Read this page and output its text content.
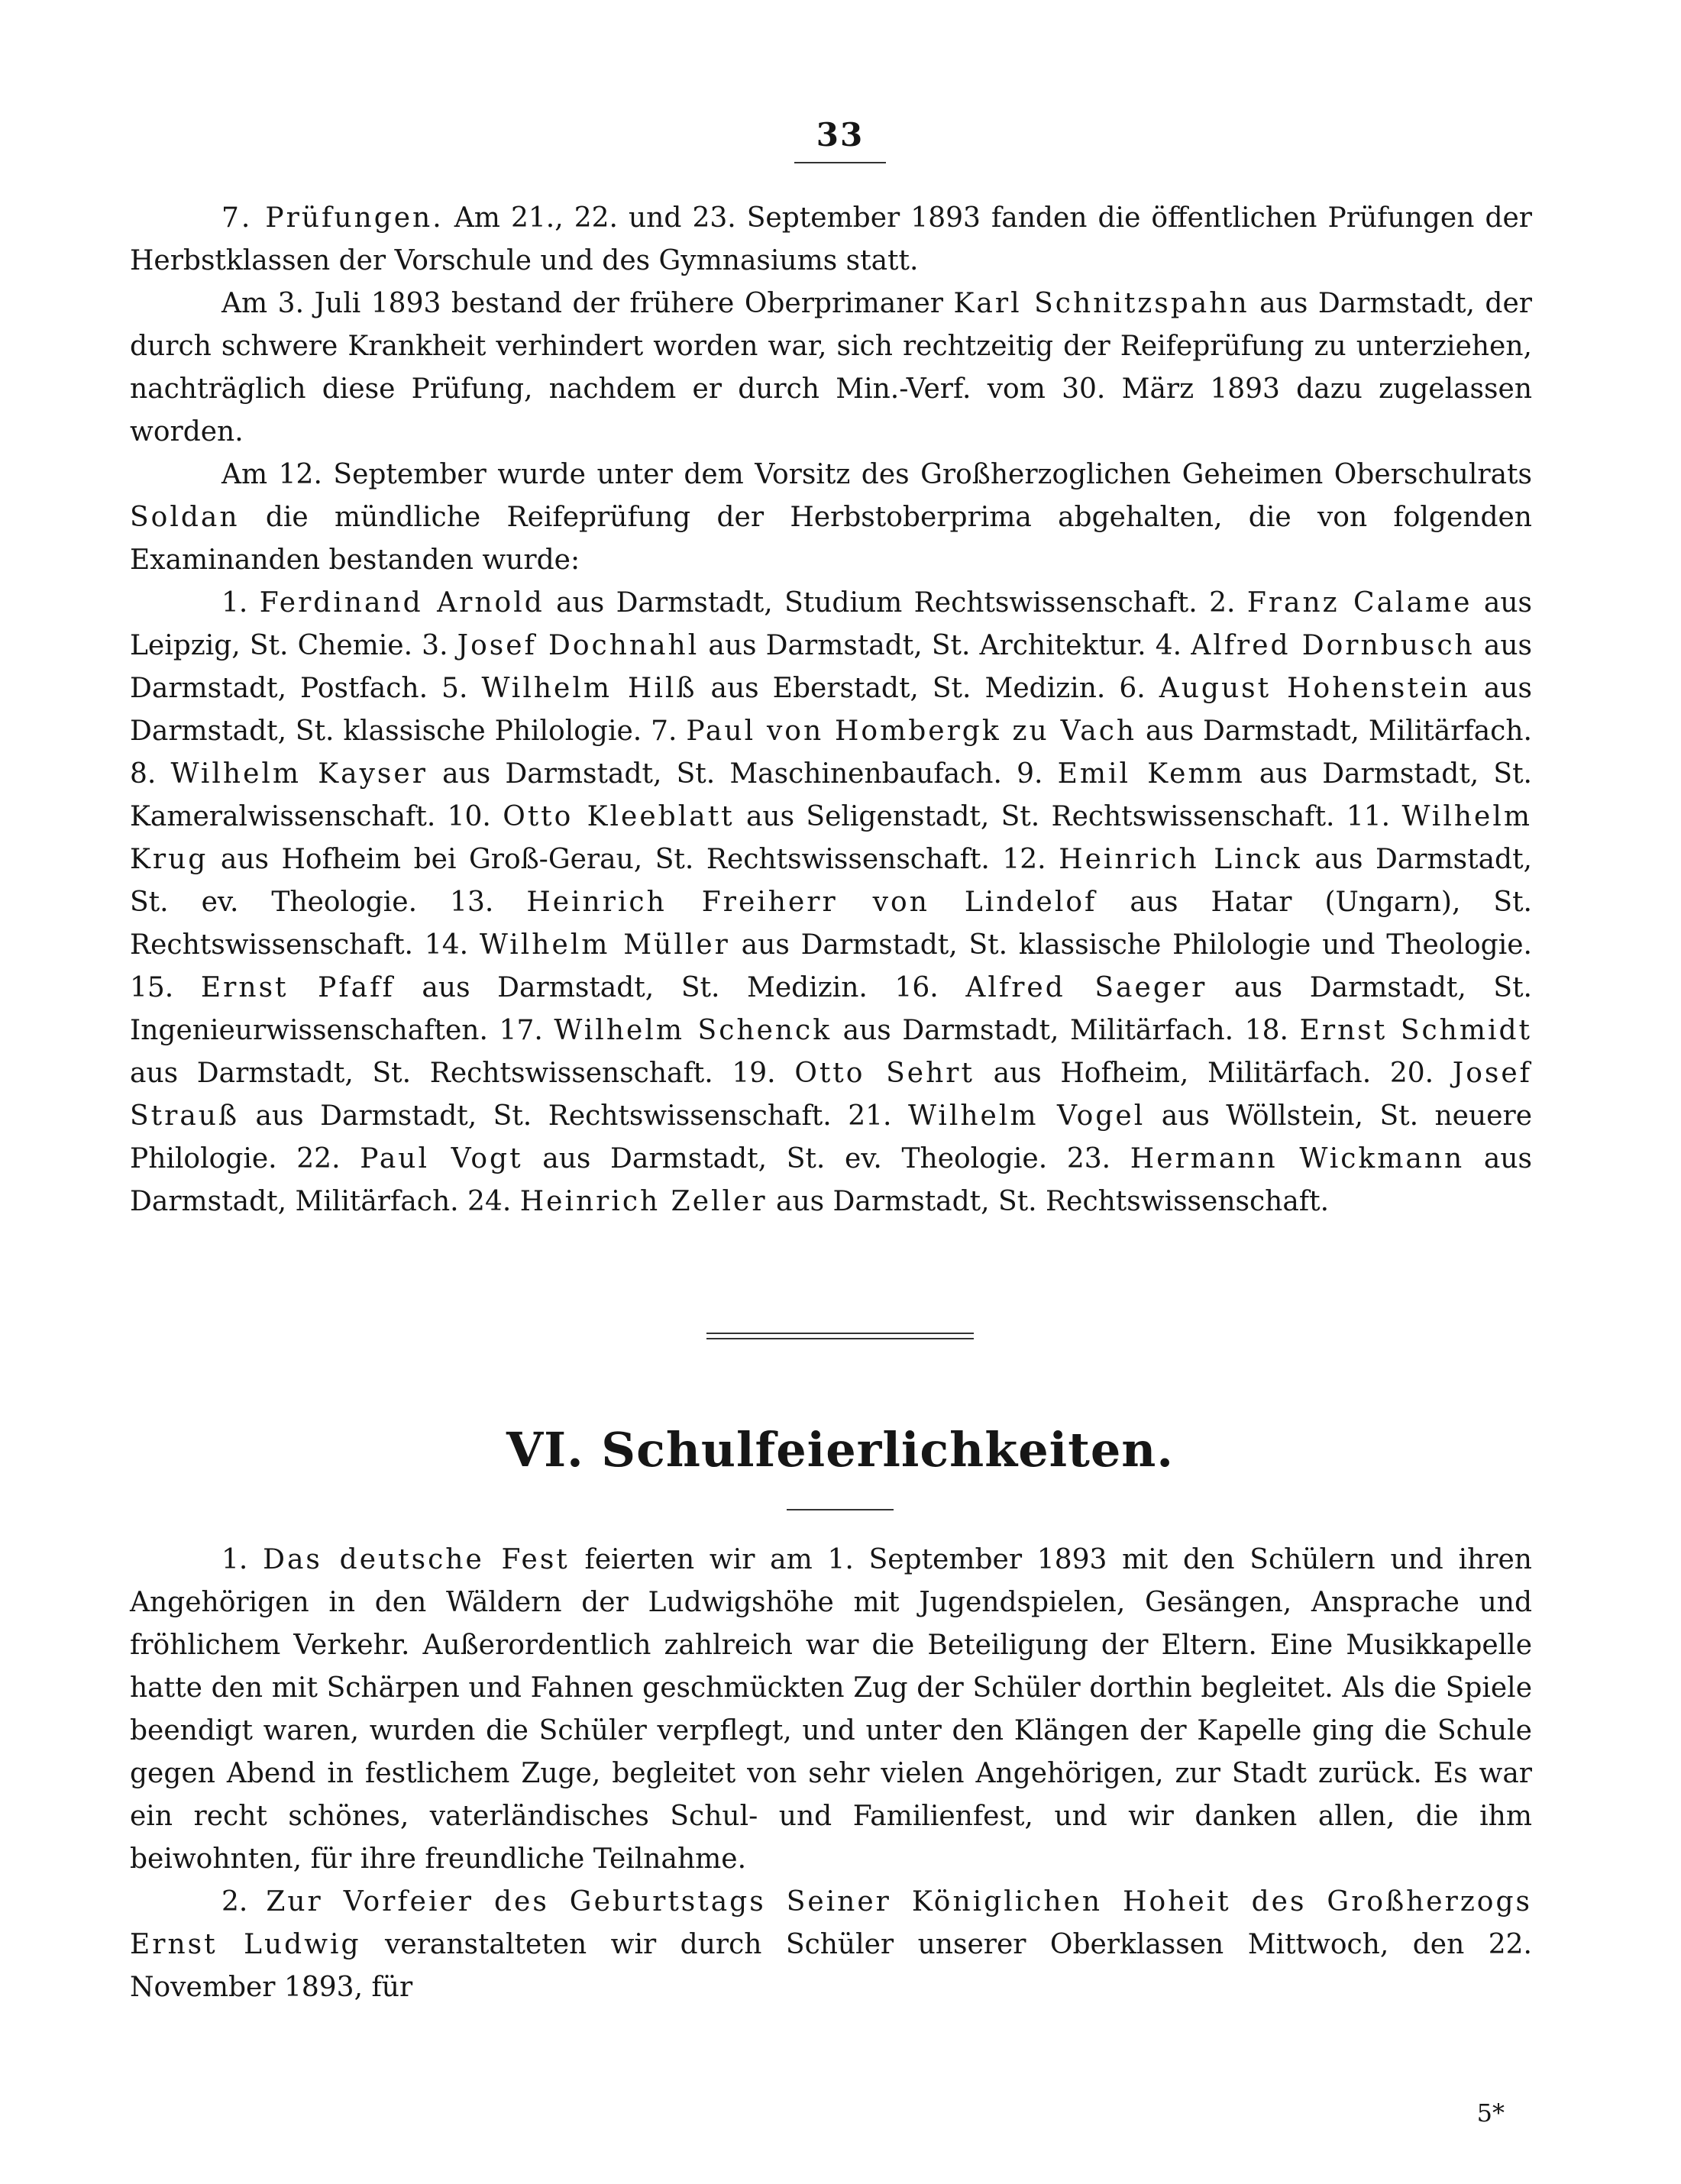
33

7. Prüfungen. Am 21., 22. und 23. September 1893 fanden die öffentlichen Prüfungen der Herbstklassen der Vorschule und des Gymnasiums statt.

Am 3. Juli 1893 bestand der frühere Oberprimaner Karl Schnitzspahn aus Darmstadt, der durch schwere Krankheit verhindert worden war, sich rechtzeitig der Reifeprüfung zu unterziehen, nachträglich diese Prüfung, nachdem er durch Min.-Verf. vom 30. März 1893 dazu zugelassen worden.

Am 12. September wurde unter dem Vorsitz des Großherzoglichen Geheimen Oberschulrats Soldan die mündliche Reifeprüfung der Herbstoberprima abgehalten, die von folgenden Examinanden bestanden wurde:

1. Ferdinand Arnold aus Darmstadt, Studium Rechtswissenschaft. 2. Franz Calame aus Leipzig, St. Chemie. 3. Josef Dochnahl aus Darmstadt, St. Architektur. 4. Alfred Dornbusch aus Darmstadt, Postfach. 5. Wilhelm Hilß aus Eberstadt, St. Medizin. 6. August Hohenstein aus Darmstadt, St. klassische Philologie. 7. Paul von Hombergk zu Vach aus Darmstadt, Militärfach. 8. Wilhelm Kayser aus Darmstadt, St. Maschinenbaufach. 9. Emil Kemm aus Darmstadt, St. Kameralwissenschaft. 10. Otto Kleeblatt aus Seligenstadt, St. Rechtswissenschaft. 11. Wilhelm Krug aus Hofheim bei Groß-Gerau, St. Rechtswissenschaft. 12. Heinrich Linck aus Darmstadt, St. ev. Theologie. 13. Heinrich Freiherr von Lindelof aus Hatar (Ungarn), St. Rechtswissenschaft. 14. Wilhelm Müller aus Darmstadt, St. klassische Philologie und Theologie. 15. Ernst Pfaff aus Darmstadt, St. Medizin. 16. Alfred Saeger aus Darmstadt, St. Ingenieurwissenschaften. 17. Wilhelm Schenck aus Darmstadt, Militärfach. 18. Ernst Schmidt aus Darmstadt, St. Rechtswissenschaft. 19. Otto Sehrt aus Hofheim, Militärfach. 20. Josef Strauß aus Darmstadt, St. Rechtswissenschaft. 21. Wilhelm Vogel aus Wöllstein, St. neuere Philologie. 22. Paul Vogt aus Darmstadt, St. ev. Theologie. 23. Hermann Wickmann aus Darmstadt, Militärfach. 24. Heinrich Zeller aus Darmstadt, St. Rechtswissenschaft.

VI. Schulfeierlichkeiten.

1. Das deutsche Fest feierten wir am 1. September 1893 mit den Schülern und ihren Angehörigen in den Wäldern der Ludwigshöhe mit Jugendspielen, Gesängen, Ansprache und fröhlichem Verkehr. Außerordentlich zahlreich war die Beteiligung der Eltern. Eine Musikkapelle hatte den mit Schärpen und Fahnen geschmückten Zug der Schüler dorthin begleitet. Als die Spiele beendigt waren, wurden die Schüler verpflegt, und unter den Klängen der Kapelle ging die Schule gegen Abend in festlichem Zuge, begleitet von sehr vielen Angehörigen, zur Stadt zurück. Es war ein recht schönes, vaterländisches Schul- und Familienfest, und wir danken allen, die ihm beiwohnten, für ihre freundliche Teilnahme.

2. Zur Vorfeier des Geburtstags Seiner Königlichen Hoheit des Großherzogs Ernst Ludwig veranstalteten wir durch Schüler unserer Oberklassen Mittwoch, den 22. November 1893, für

5*
